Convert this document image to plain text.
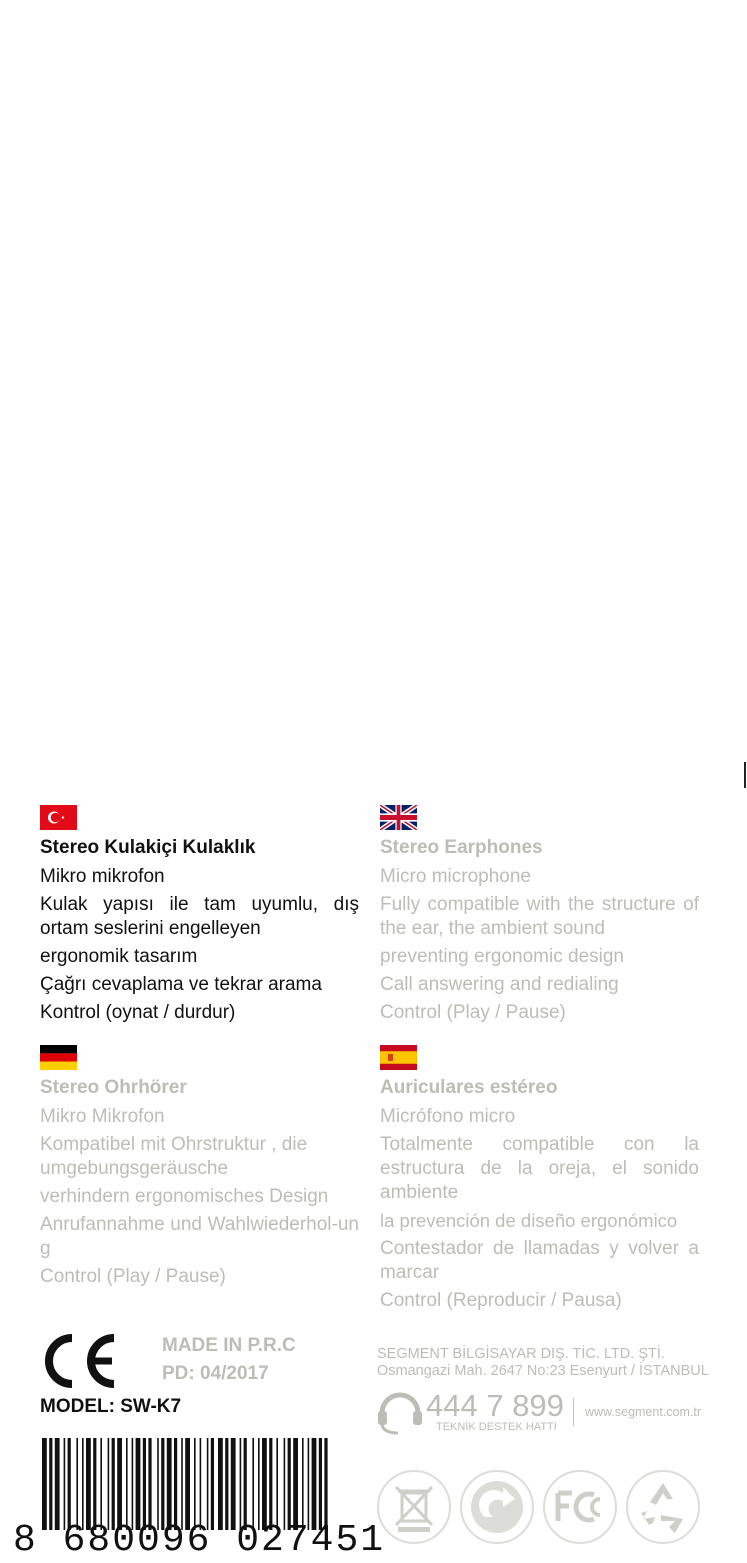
Stereo Kulakiçi Kulaklık

Mikro mikrofon

Kulak yapısı ile tam uyumlu, dış ortam seslerini engelleyen

ergonomik tasarım

Çağrı cevaplama ve tekrar arama

Kontrol (oynat / durdur)

Stereo Earphones

Micro microphone

Fully compatible with the structure of the ear, the ambient sound

preventing ergonomic design

Call answering and redialing

Control (Play / Pause)

Stereo Ohrhörer

Mikro Mikrofon

Kompatibel mit Ohrstruktur , die umgebungsgeräusche

verhindern ergonomisches Design

Anrufannahme und Wahlwiederhol-ung

Control (Play / Pause)

Auriculares estéreo

Micrófono micro

Totalmente compatible con la estructura de la oreja, el sonido ambiente

la prevención de diseño ergonómico

Contestador de llamadas y volver a marcar

Control (Reproducir / Pausa)

MADE IN P.R.C
PD: 04/2017
MODEL: SW-K7
8 680096 027451
SEGMENT BİLGİSAYAR DIŞ. TİC. LTD. ŞTİ.
Osmangazi Mah. 2647 No:23 Esenyurt / İSTANBUL
444 7 899
TEKNİK DESTEK HATTI
www.segment.com.tr
